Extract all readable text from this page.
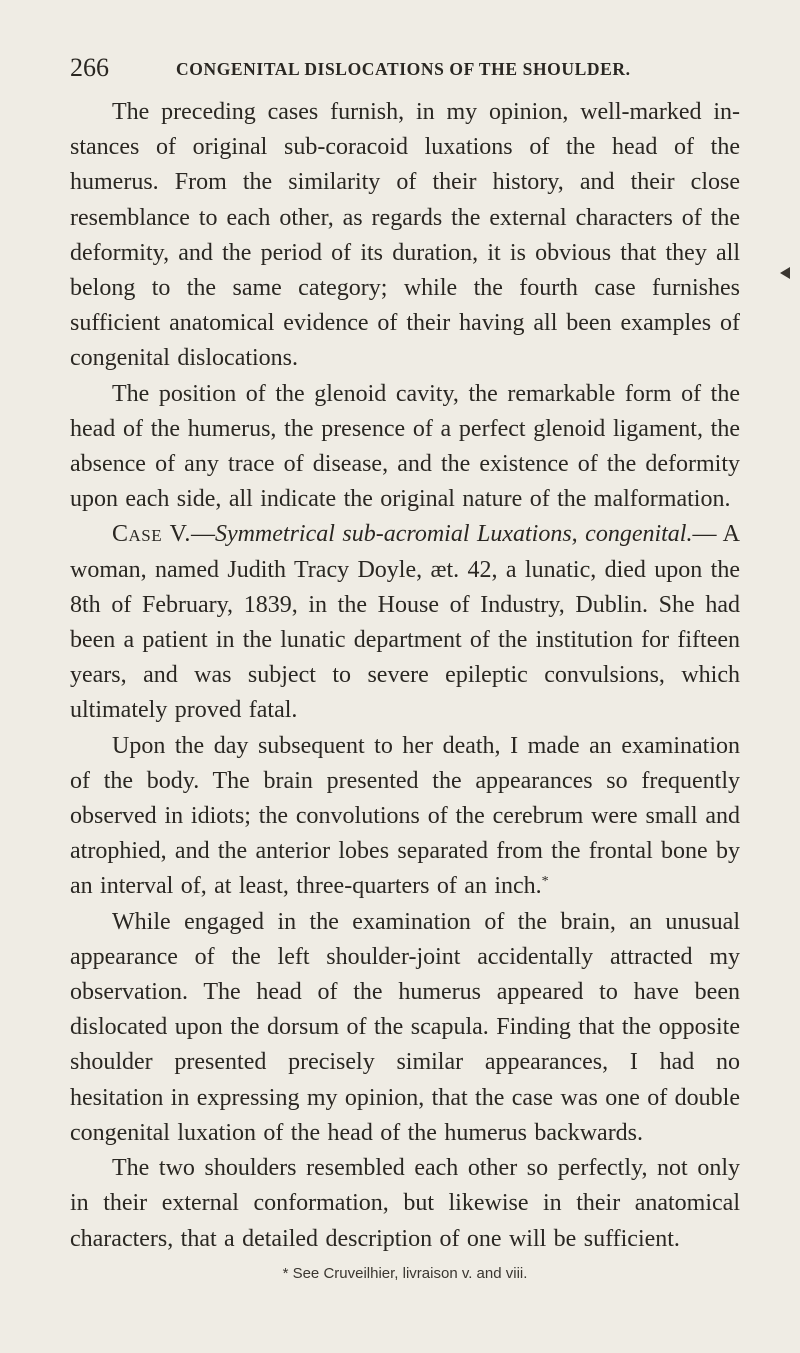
266	CONGENITAL DISLOCATIONS OF THE SHOULDER.

The preceding cases furnish, in my opinion, well-marked instances of original sub-coracoid luxations of the head of the humerus. From the similarity of their history, and their close resemblance to each other, as regards the external characters of the deformity, and the period of its duration, it is obvious that they all belong to the same category; while the fourth case furnishes sufficient anatomical evidence of their having all been examples of congenital dislocations.

The position of the glenoid cavity, the remarkable form of the head of the humerus, the presence of a perfect glenoid ligament, the absence of any trace of disease, and the existence of the deformity upon each side, all indicate the original nature of the malformation.

Case V.—Symmetrical sub-acromial Luxations, congenital.— A woman, named Judith Tracy Doyle, æt. 42, a lunatic, died upon the 8th of February, 1839, in the House of Industry, Dublin. She had been a patient in the lunatic department of the institution for fifteen years, and was subject to severe epileptic convulsions, which ultimately proved fatal.

Upon the day subsequent to her death, I made an examination of the body. The brain presented the appearances so frequently observed in idiots; the convolutions of the cerebrum were small and atrophied, and the anterior lobes separated from the frontal bone by an interval of, at least, three-quarters of an inch.*

While engaged in the examination of the brain, an unusual appearance of the left shoulder-joint accidentally attracted my observation. The head of the humerus appeared to have been dislocated upon the dorsum of the scapula. Finding that the opposite shoulder presented precisely similar appearances, I had no hesitation in expressing my opinion, that the case was one of double congenital luxation of the head of the humerus backwards.

The two shoulders resembled each other so perfectly, not only in their external conformation, but likewise in their anatomical characters, that a detailed description of one will be sufficient.

* See Cruveilhier, livraison v. and viii.
